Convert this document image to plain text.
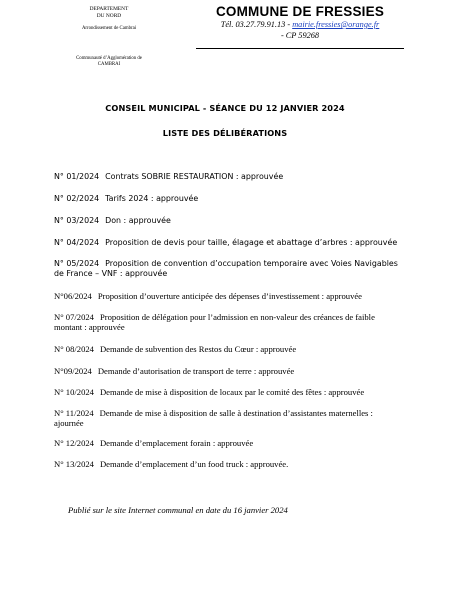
DEPARTEMENT
DU NORD
Arrondissement de Cambrai
Communauté d’Agglomération de
CAMBRAI
COMMUNE DE FRESSIES
Tél. 03.27.79.91.13 - mairie.fressies@orange.fr
- CP 59268
CONSEIL MUNICIPAL - SÉANCE DU 12 JANVIER 2024
LISTE DES DÉLIBÉRATIONS
N° 01/2024 Contrats SOBRIE RESTAURATION : approuvée
N° 02/2024 Tarifs 2024 : approuvée
N° 03/2024 Don : approuvée
N° 04/2024 Proposition de devis pour taille, élagage et abattage d’arbres : approuvée
N° 05/2024 Proposition de convention d’occupation temporaire avec Voies Navigables de France – VNF : approuvée
N°06/2024 Proposition d’ouverture anticipée des dépenses d’investissement : approuvée
N° 07/2024 Proposition de délégation pour l’admission en non-valeur des créances de faible montant : approuvée
N° 08/2024 Demande de subvention des Restos du Cœur : approuvée
N°09/2024 Demande d’autorisation de transport de terre : approuvée
N° 10/2024 Demande de mise à disposition de locaux par le comité des fêtes : approuvée
N° 11/2024 Demande de mise à disposition de salle à destination d’assistantes maternelles : ajournée
N° 12/2024 Demande d’emplacement forain : approuvée
N° 13/2024 Demande d’emplacement d’un food truck : approuvée.
Publié sur le site Internet communal en date du 16 janvier 2024
